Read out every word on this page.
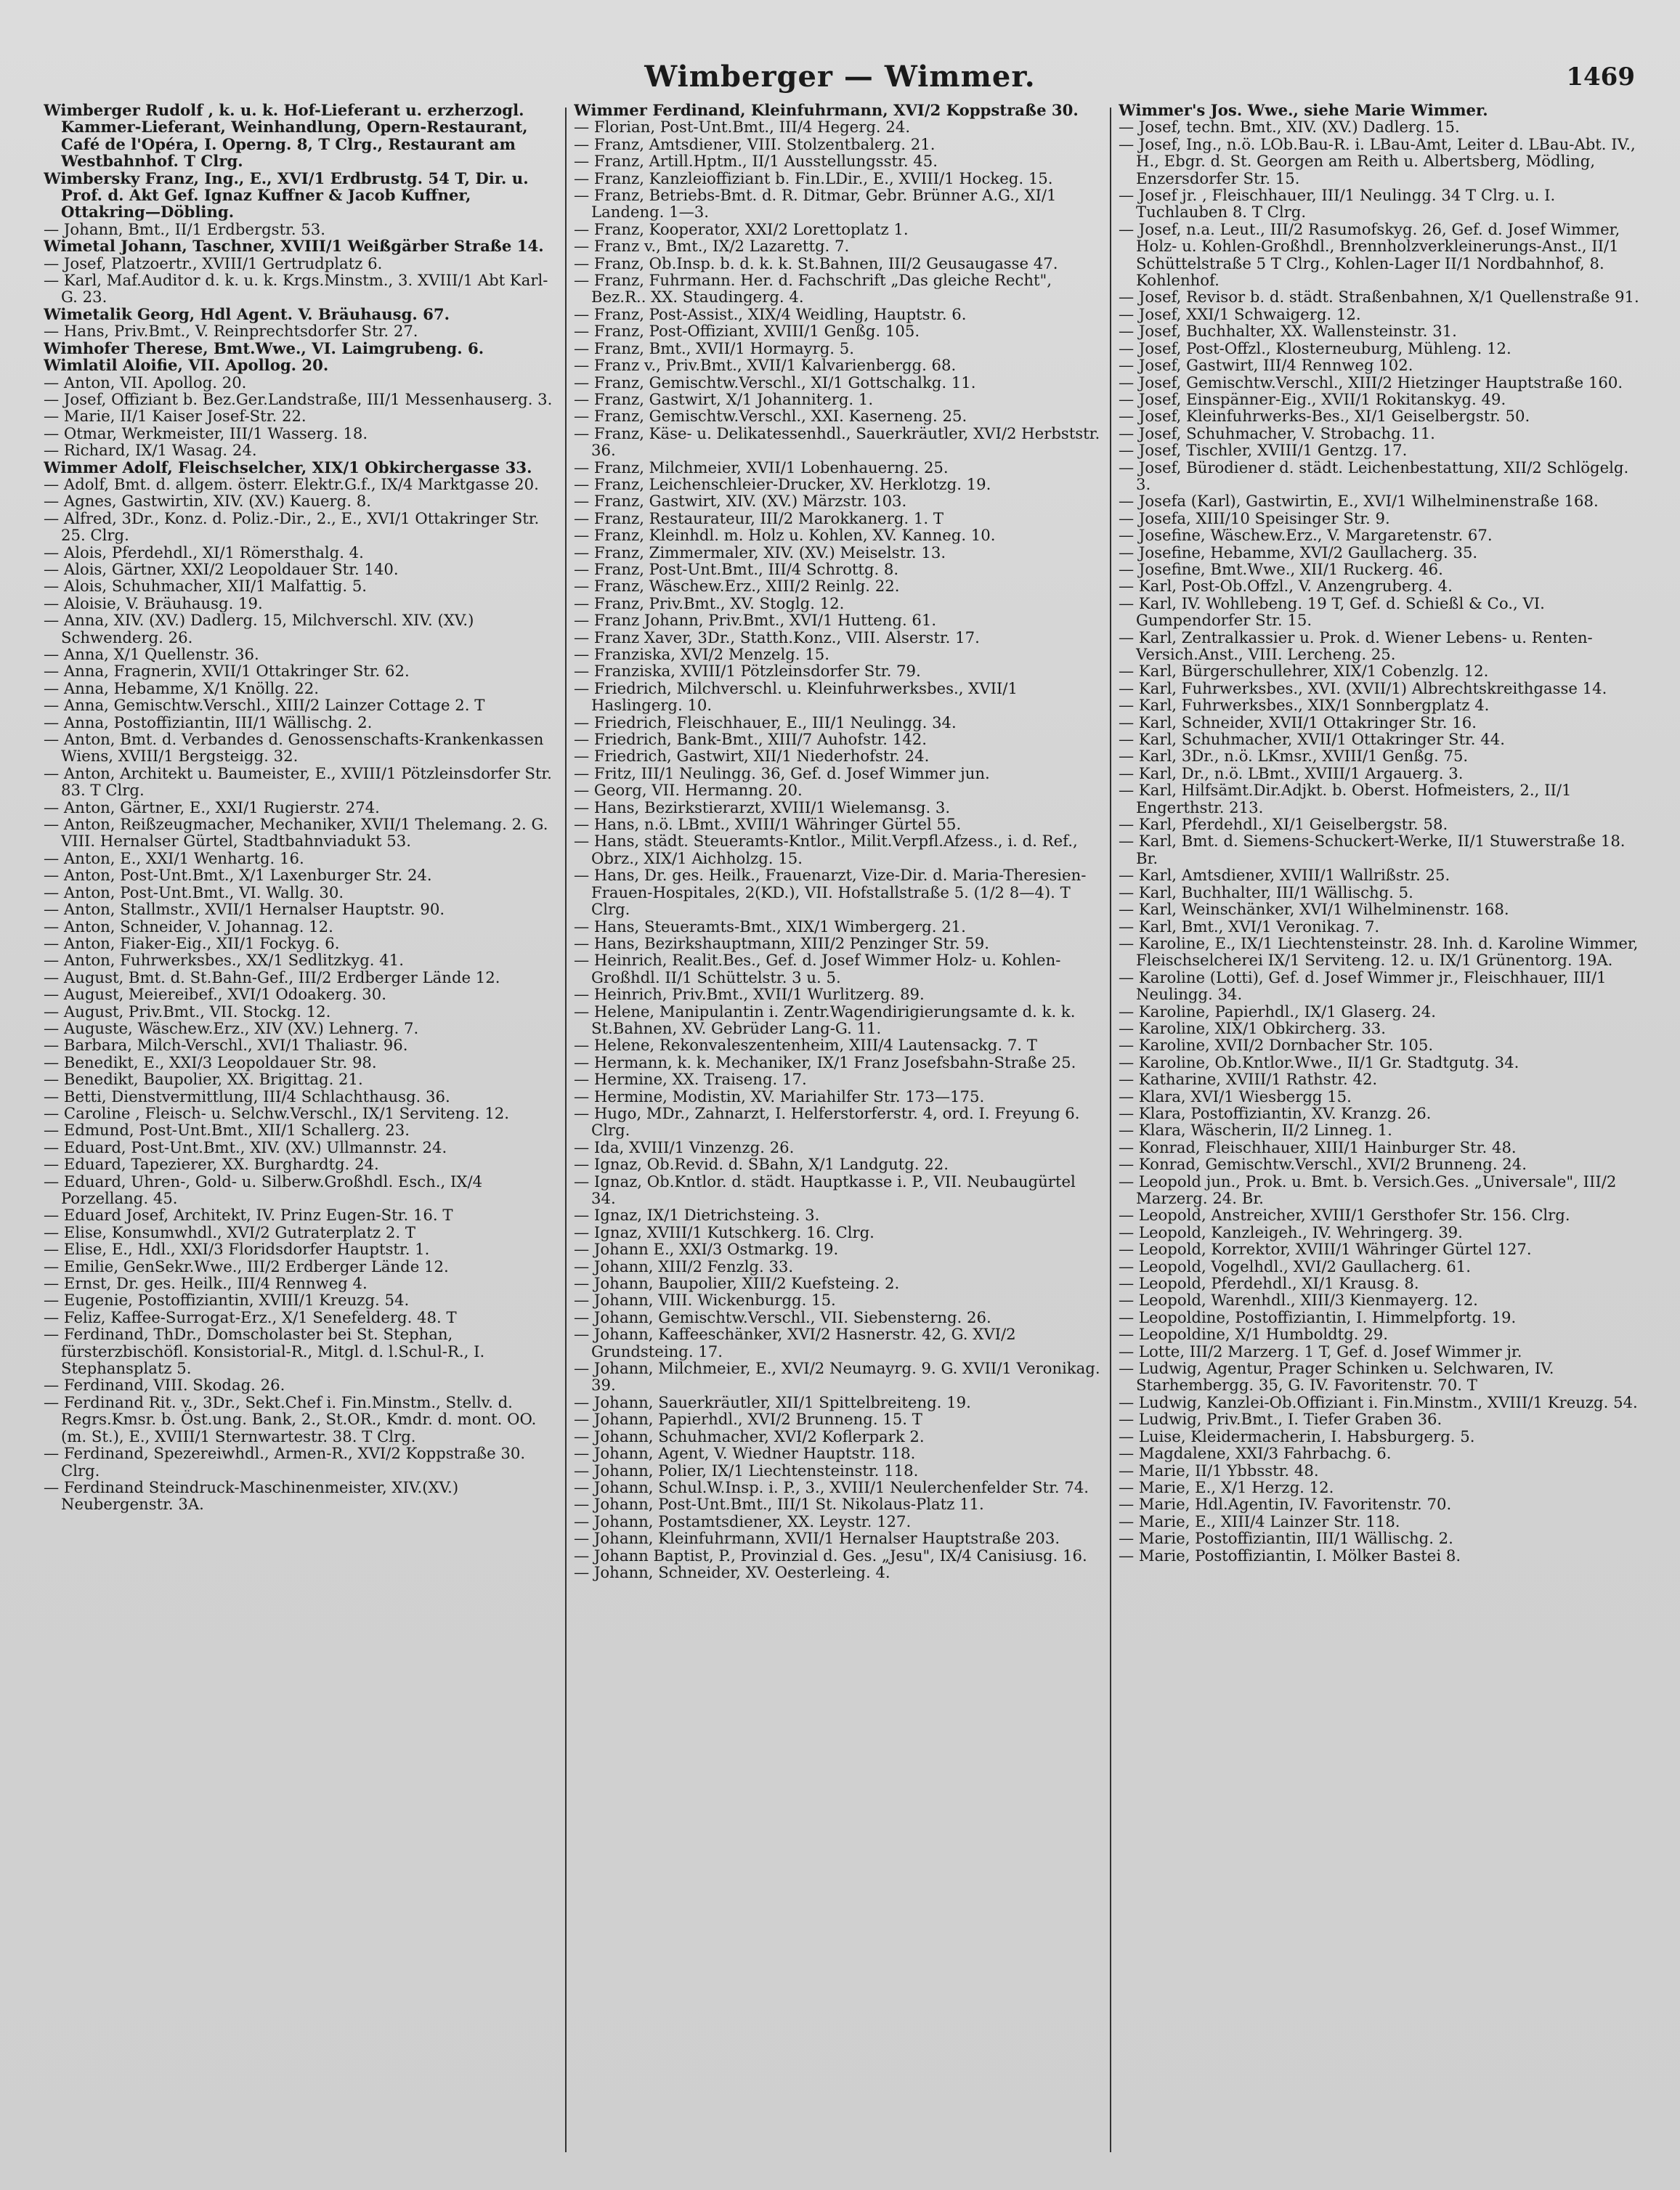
Wimberger — Wimmer.	1469
Wimberger Rudolf , k. u. k. Hof-Lieferant u. erzherzogl. Kammer-Lieferant, Weinhandlung, Opern-Restaurant, Café de l'Opéra, I. Operng. 8, T Clrg., Restaurant am Westbahnhof. T Clrg.
Wimbersky Franz, Ing., E., XVI/1 Erdbrustg. 54 T, Dir. u. Prof. d. Akt Gef. Ignaz Kuffner & Jacob Kuffner, Ottakring—Döbling.
— Johann, Bmt., II/1 Erdbergstr. 53.
Wimetal Johann, Taschner, XVIII/1 Weißgärber Straße 14.
— Josef, Platzoertr., XVIII/1 Gertrudplatz 6.
— Karl, Maf.Auditor d. k. u. k. Krgs.Minstm., 3. XVIII/1 Abt Karl-G. 23.
Wimetalik Georg, Hdl Agent. V. Bräuhausg. 67.
— Hans, Priv.Bmt., V. Reinprechtsdorfer Str. 27.
Wimhofer Therese, Bmt.Wwe., VI. Laimgrubeng. 6.
Wimlatil Aloifie, VII. Apollog. 20.
— Anton, VII. Apollog. 20.
— Josef, Offiziant b. Bez.Ger.Landstraße, III/1 Messenhauserg. 3.
— Marie, II/1 Kaiser Josef-Str. 22.
— Otmar, Werkmeister, III/1 Wasserg. 18.
— Richard, IX/1 Wasag. 24.
Wimmer Adolf, Fleischselcher, XIX/1 Obkirchergasse 33.
— Adolf, Bmt. d. allgem. österr. Elektr.G.f., IX/4 Marktgasse 20.
— Agnes, Gastwirtin, XIV. (XV.) Kauerg. 8.
— Alfred, 3Dr., Konz. d. Poliz.-Dir., 2., E., XVI/1 Ottakringer Str. 25. Clrg.
— Alois, Pferdehdl., XI/1 Römersthalg. 4.
— Alois, Gärtner, XXI/2 Leopoldauer Str. 140.
— Alois, Schuhmacher, XII/1 Malfattig. 5.
— Aloisie, V. Bräuhausg. 19.
— Anna, XIV. (XV.) Dadlerg. 15, Milchverschl. XIV. (XV.) Schwenderg. 26.
— Anna, X/1 Quellenstr. 36.
— Anna, Fragnerin, XVII/1 Ottakringer Str. 62.
— Anna, Hebamme, X/1 Knöllg. 22.
— Anna, Gemischtw.Verschl., XIII/2 Lainzer Cottage 2. T
— Anna, Postoffiziantin, III/1 Wällischg. 2.
— Anton, Bmt. d. Verbandes d. Genossenschafts-Krankenkassen Wiens, XVIII/1 Bergsteigg. 32.
— Anton, Architekt u. Baumeister, E., XVIII/1 Pötzleinsdorfer Str. 83. T Clrg.
— Anton, Gärtner, E., XXI/1 Rugierstr. 274.
— Anton, Reißzeugmacher, Mechaniker, XVII/1 Thelemang. 2. G. VIII. Hernalser Gürtel, Stadtbahnviadukt 53.
— Anton, E., XXI/1 Wenhartg. 16.
— Anton, Post-Unt.Bmt., X/1 Laxenburger Str. 24.
— Anton, Post-Unt.Bmt., VI. Wallg. 30.
— Anton, Stallmstr., XVII/1 Hernalser Hauptstr. 90.
— Anton, Schneider, V. Johannag. 12.
— Anton, Fiaker-Eig., XII/1 Fockyg. 6.
— Anton, Fuhrwerksbes., XX/1 Sedlitzkyg. 41.
— August, Bmt. d. St.Bahn-Gef., III/2 Erdberger Lände 12.
— August, Meiereibef., XVI/1 Odoakerg. 30.
— August, Priv.Bmt., VII. Stockg. 12.
— Auguste, Wäschew.Erz., XIV (XV.) Lehnerg. 7.
— Barbara, Milch-Verschl., XVI/1 Thaliastr. 96.
— Benedikt, E., XXI/3 Leopoldauer Str. 98.
— Benedikt, Baupolier, XX. Brigittag. 21.
— Betti, Dienstvermittlung, III/4 Schlachthausg. 36.
— Caroline , Fleisch- u. Selchw.Verschl., IX/1 Serviteng. 12.
— Edmund, Post-Unt.Bmt., XII/1 Schallerg. 23.
— Eduard, Post-Unt.Bmt., XIV. (XV.) Ullmannstr. 24.
— Eduard, Tapezierer, XX. Burghardtg. 24.
— Eduard, Uhren-, Gold- u. Silberw.Großhdl. Esch., IX/4 Porzellang. 45.
— Eduard Josef, Architekt, IV. Prinz Eugen-Str. 16. T
— Elise, Konsumwhdl., XVI/2 Gutraterplatz 2. T
— Elise, E., Hdl., XXI/3 Floridsdorfer Hauptstr. 1.
— Emilie, GenSekr.Wwe., III/2 Erdberger Lände 12.
— Ernst, Dr. ges. Heilk., III/4 Rennweg 4.
— Eugenie, Postoffiziantin, XVIII/1 Kreuzg. 54.
— Feliz, Kaffee-Surrogat-Erz., X/1 Senefelderg. 48. T
— Ferdinand, ThDr., Domscholaster bei St. Stephan, fürsterzbischöfl. Konsistorial-R., Mitgl. d. l.Schul-R., I. Stephansplatz 5.
— Ferdinand, VIII. Skodag. 26.
— Ferdinand Rit. v., 3Dr., Sekt.Chef i. Fin.Minstm., Stellv. d. Regrs.Kmsr. b. Öst.ung. Bank, 2., St.OR., Kmdr. d. mont. OO. (m. St.), E., XVIII/1 Sternwartestr. 38. T Clrg.
— Ferdinand, Spezereiwhdl., Armen-R., XVI/2 Koppstraße 30. Clrg.
— Ferdinand Steindruck-Maschinenmeister, XIV.(XV.) Neubergenstr. 3A.
Wimmer Ferdinand, Kleinfuhrmann, XVI/2 Koppstraße 30.
— Florian, Post-Unt.Bmt., III/4 Hegerg. 24.
— Franz, Amtsdiener, VIII. Stolzentbalerg. 21.
— Franz, Artill.Hptm., II/1 Ausstellungsstr. 45.
— Franz, Kanzleioffiziant b. Fin.LDir., E., XVIII/1 Hockeg. 15.
— Franz, Betriebs-Bmt. d. R. Ditmar, Gebr. Brünner A.G., XI/1 Landeng. 1—3.
— Franz, Kooperator, XXI/2 Lorettoplatz 1.
— Franz v., Bmt., IX/2 Lazarettg. 7.
— Franz, Ob.Insp. b. d. k. k. St.Bahnen, III/2 Geusaugasse 47.
— Franz, Fuhrmann. Her. d. Fachschrift „Das gleiche Recht", Bez.R.. XX. Staudingerg. 4.
— Franz, Post-Assist., XIX/4 Weidling, Hauptstr. 6.
— Franz, Post-Offiziant, XVIII/1 Genßg. 105.
— Franz, Bmt., XVII/1 Hormayrg. 5.
— Franz v., Priv.Bmt., XVII/1 Kalvarienbergg. 68.
— Franz, Gemischtw.Verschl., XI/1 Gottschalkg. 11.
— Franz, Gastwirt, X/1 Johanniterg. 1.
— Franz, Gemischtw.Verschl., XXI. Kaserneng. 25.
— Franz, Käse- u. Delikatessenhdl., Sauerkräutler, XVI/2 Herbststr. 36.
— Franz, Milchmeier, XVII/1 Lobenhauerng. 25.
— Franz, Leichenschleier-Drucker, XV. Herklotzg. 19.
— Franz, Gastwirt, XIV. (XV.) Märzstr. 103.
— Franz, Restaurateur, III/2 Marokkanerg. 1. T
— Franz, Kleinhdl. m. Holz u. Kohlen, XV. Kanneg. 10.
— Franz, Zimmermaler, XIV. (XV.) Meiselstr. 13.
— Franz, Post-Unt.Bmt., III/4 Schrottg. 8.
— Franz, Wäschew.Erz., XIII/2 Reinlg. 22.
— Franz, Priv.Bmt., XV. Stoglg. 12.
— Franz Johann, Priv.Bmt., XVI/1 Hutteng. 61.
— Franz Xaver, 3Dr., Statth.Konz., VIII. Alserstr. 17.
— Franziska, XVI/2 Menzelg. 15.
— Franziska, XVIII/1 Pötzleinsdorfer Str. 79.
— Friedrich, Milchverschl. u. Kleinfuhrwerksbes., XVII/1 Haslingerg. 10.
— Friedrich, Fleischhauer, E., III/1 Neulingg. 34.
— Friedrich, Bank-Bmt., XIII/7 Auhofstr. 142.
— Friedrich, Gastwirt, XII/1 Niederhofstr. 24.
— Fritz, III/1 Neulingg. 36, Gef. d. Josef Wimmer jun.
— Georg, VII. Hermanng. 20.
— Hans, Bezirkstierarzt, XVIII/1 Wielemansg. 3.
— Hans, n.ö. LBmt., XVIII/1 Währinger Gürtel 55.
— Hans, städt. Steueramts-Kntlor., Milit.Verpfl.Afzess., i. d. Ref., Obrz., XIX/1 Aichholzg. 15.
— Hans, Dr. ges. Heilk., Frauenarzt, Vize-Dir. d. Maria-Theresien-Frauen-Hospitales, 2(KD.), VII. Hofstallstraße 5. (1/2 8—4). T Clrg.
— Hans, Steueramts-Bmt., XIX/1 Wimbergerg. 21.
— Hans, Bezirkshauptmann, XIII/2 Penzinger Str. 59.
— Heinrich, Realit.Bes., Gef. d. Josef Wimmer Holz- u. Kohlen-Großhdl. II/1 Schüttelstr. 3 u. 5.
— Heinrich, Priv.Bmt., XVII/1 Wurlitzerg. 89.
— Helene, Manipulantin i. Zentr.Wagendirigierungsamte d. k. k. St.Bahnen, XV. Gebrüder Lang-G. 11.
— Helene, Rekonvaleszentenheim, XIII/4 Lautensackg. 7. T
— Hermann, k. k. Mechaniker, IX/1 Franz Josefsbahn-Straße 25.
— Hermine, XX. Traiseng. 17.
— Hermine, Modistin, XV. Mariahilfer Str. 173—175.
— Hugo, MDr., Zahnarzt, I. Helferstorferstr. 4, ord. I. Freyung 6. Clrg.
— Ida, XVIII/1 Vinzenzg. 26.
— Ignaz, Ob.Revid. d. SBahn, X/1 Landgutg. 22.
— Ignaz, Ob.Kntlor. d. städt. Hauptkasse i. P., VII. Neubaugürtel 34.
— Ignaz, IX/1 Dietrichsteing. 3.
— Ignaz, XVIII/1 Kutschkerg. 16. Clrg.
— Johann E., XXI/3 Ostmarkg. 19.
— Johann, XIII/2 Fenzlg. 33.
— Johann, Baupolier, XIII/2 Kuefsteing. 2.
— Johann, VIII. Wickenburgg. 15.
— Johann, Gemischtw.Verschl., VII. Siebensterng. 26.
— Johann, Kaffeeschänker, XVI/2 Hasnerstr. 42, G. XVI/2 Grundsteing. 17.
— Johann, Milchmeier, E., XVI/2 Neumayrg. 9. G. XVII/1 Veronikag. 39.
— Johann, Sauerkräutler, XII/1 Spittelbreiteng. 19.
— Johann, Papierhdl., XVI/2 Brunneng. 15. T
— Johann, Schuhmacher, XVI/2 Koflerpark 2.
— Johann, Agent, V. Wiedner Hauptstr. 118.
— Johann, Polier, IX/1 Liechtensteinstr. 118.
— Johann, Schul.W.Insp. i. P., 3., XVIII/1 Neulerchenfelder Str. 74.
— Johann, Post-Unt.Bmt., III/1 St. Nikolaus-Platz 11.
— Johann, Postamtsdiener, XX. Leystr. 127.
— Johann, Kleinfuhrmann, XVII/1 Hernalser Hauptstraße 203.
— Johann Baptist, P., Provinzial d. Ges. „Jesu", IX/4 Canisiusg. 16.
— Johann, Schneider, XV. Oesterleing. 4.
Wimmer's Jos. Wwe., siehe Marie Wimmer.
— Josef, techn. Bmt., XIV. (XV.) Dadlerg. 15.
— Josef, Ing., n.ö. LOb.Bau-R. i. LBau-Amt, Leiter d. LBau-Abt. IV., H., Ebgr. d. St. Georgen am Reith u. Albertsberg, Mödling, Enzersdorfer Str. 15.
— Josef jr. , Fleischhauer, III/1 Neulingg. 34 T Clrg. u. I. Tuchlauben 8. T Clrg.
— Josef, n.a. Leut., III/2 Rasumofskyg. 26, Gef. d. Josef Wimmer, Holz- u. Kohlen-Großhdl., Brennholzverkleinerungs-Anst., II/1 Schüttelstraße 5 T Clrg., Kohlen-Lager II/1 Nordbahnhof, 8. Kohlenhof.
— Josef, Revisor b. d. städt. Straßenbahnen, X/1 Quellenstraße 91.
— Josef, XXI/1 Schwaigerg. 12.
— Josef, Buchhalter, XX. Wallensteinstr. 31.
— Josef, Post-Offzl., Klosterneuburg, Mühleng. 12.
— Josef, Gastwirt, III/4 Rennweg 102.
— Josef, Gemischtw.Verschl., XIII/2 Hietzinger Hauptstraße 160.
— Josef, Einspänner-Eig., XVII/1 Rokitanskyg. 49.
— Josef, Kleinfuhrwerks-Bes., XI/1 Geiselbergstr. 50.
— Josef, Schuhmacher, V. Strobachg. 11.
— Josef, Tischler, XVIII/1 Gentzg. 17.
— Josef, Bürodiener d. städt. Leichenbestattung, XII/2 Schlögelg. 3.
— Josefa (Karl), Gastwirtin, E., XVI/1 Wilhelminenstraße 168.
— Josefa, XIII/10 Speisinger Str. 9.
— Josefine, Wäschew.Erz., V. Margaretenstr. 67.
— Josefine, Hebamme, XVI/2 Gaullacherg. 35.
— Josefine, Bmt.Wwe., XII/1 Ruckerg. 46.
— Karl, Post-Ob.Offzl., V. Anzengruberg. 4.
— Karl, IV. Wohllebeng. 19 T, Gef. d. Schießl & Co., VI. Gumpendorfer Str. 15.
— Karl, Zentralkassier u. Prok. d. Wiener Lebens- u. Renten-Versich.Anst., VIII. Lercheng. 25.
— Karl, Bürgerschullehrer, XIX/1 Cobenzlg. 12.
— Karl, Fuhrwerksbes., XVI. (XVII/1) Albrechtskreithgasse 14.
— Karl, Fuhrwerksbes., XIX/1 Sonnbergplatz 4.
— Karl, Schneider, XVII/1 Ottakringer Str. 16.
— Karl, Schuhmacher, XVII/1 Ottakringer Str. 44.
— Karl, 3Dr., n.ö. LKmsr., XVIII/1 Genßg. 75.
— Karl, Dr., n.ö. LBmt., XVIII/1 Argauerg. 3.
— Karl, Hilfsämt.Dir.Adjkt. b. Oberst. Hofmeisters, 2., II/1 Engerthstr. 213.
— Karl, Pferdehdl., XI/1 Geiselbergstr. 58.
— Karl, Bmt. d. Siemens-Schuckert-Werke, II/1 Stuwerstraße 18. Br.
— Karl, Amtsdiener, XVIII/1 Wallrißstr. 25.
— Karl, Buchhalter, III/1 Wällischg. 5.
— Karl, Weinschänker, XVI/1 Wilhelminenstr. 168.
— Karl, Bmt., XVI/1 Veronikag. 7.
— Karoline, E., IX/1 Liechtensteinstr. 28. Inh. d. Karoline Wimmer, Fleischselcherei IX/1 Serviteng. 12. u. IX/1 Grünentorg. 19A.
— Karoline (Lotti), Gef. d. Josef Wimmer jr., Fleischhauer, III/1 Neulingg. 34.
— Karoline, Papierhdl., IX/1 Glaserg. 24.
— Karoline, XIX/1 Obkircherg. 33.
— Karoline, XVII/2 Dornbacher Str. 105.
— Karoline, Ob.Kntlor.Wwe., II/1 Gr. Stadtgutg. 34.
— Katharine, XVIII/1 Rathstr. 42.
— Klara, XVI/1 Wiesbergg 15.
— Klara, Postoffiziantin, XV. Kranzg. 26.
— Klara, Wäscherin, II/2 Linneg. 1.
— Konrad, Fleischhauer, XIII/1 Hainburger Str. 48.
— Konrad, Gemischtw.Verschl., XVI/2 Brunneng. 24.
— Leopold jun., Prok. u. Bmt. b. Versich.Ges. „Universale", III/2 Marzerg. 24. Br.
— Leopold, Anstreicher, XVIII/1 Gersthofer Str. 156. Clrg.
— Leopold, Kanzleigeh., IV. Wehringerg. 39.
— Leopold, Korrektor, XVIII/1 Währinger Gürtel 127.
— Leopold, Vogelhdl., XVI/2 Gaullacherg. 61.
— Leopold, Pferdehdl., XI/1 Krausg. 8.
— Leopold, Warenhdl., XIII/3 Kienmayerg. 12.
— Leopoldine, Postoffiziantin, I. Himmelpfortg. 19.
— Leopoldine, X/1 Humboldtg. 29.
— Lotte, III/2 Marzerg. 1 T, Gef. d. Josef Wimmer jr.
— Ludwig, Agentur, Prager Schinken u. Selchwaren, IV. Starhembergg. 35, G. IV. Favoritenstr. 70. T
— Ludwig, Kanzlei-Ob.Offiziant i. Fin.Minstm., XVIII/1 Kreuzg. 54.
— Ludwig, Priv.Bmt., I. Tiefer Graben 36.
— Luise, Kleidermacherin, I. Habsburgerg. 5.
— Magdalene, XXI/3 Fahrbachg. 6.
— Marie, II/1 Ybbsstr. 48.
— Marie, E., X/1 Herzg. 12.
— Marie, Hdl.Agentin, IV. Favoritenstr. 70.
— Marie, E., XIII/4 Lainzer Str. 118.
— Marie, Postoffiziantin, III/1 Wällischg. 2.
— Marie, Postoffiziantin, I. Mölker Bastei 8.
